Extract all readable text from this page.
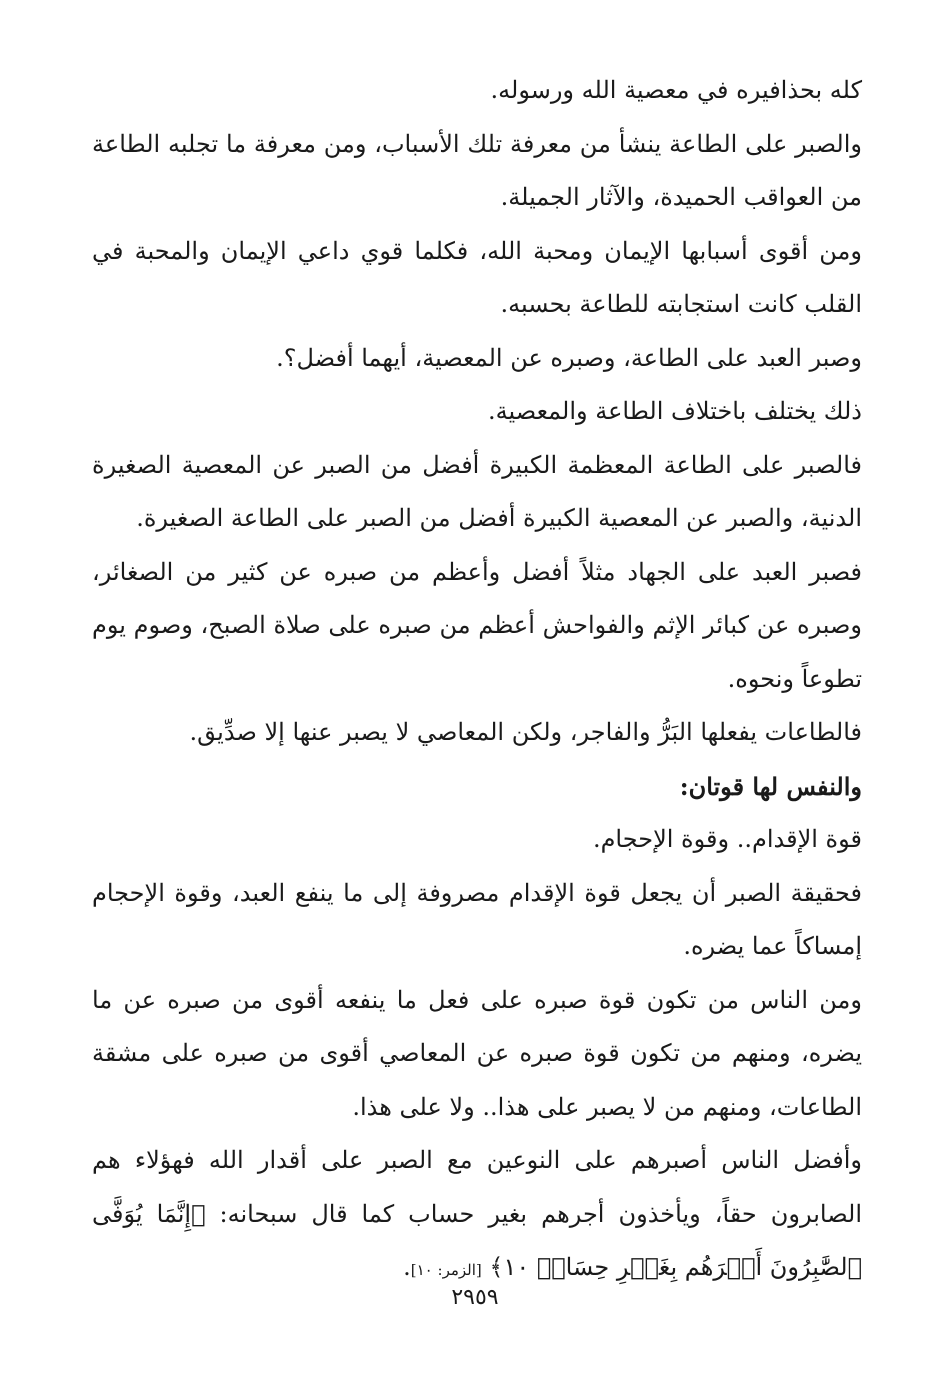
كله بحذافيره في معصية الله ورسوله.

والصبر على الطاعة ينشأ من معرفة تلك الأسباب، ومن معرفة ما تجلبه الطاعة من العواقب الحميدة، والآثار الجميلة.

ومن أقوى أسبابها الإيمان ومحبة الله، فكلما قوي داعي الإيمان والمحبة في القلب كانت استجابته للطاعة بحسبه.

وصبر العبد على الطاعة، وصبره عن المعصية، أيهما أفضل؟.

ذلك يختلف باختلاف الطاعة والمعصية.

فالصبر على الطاعة المعظمة الكبيرة أفضل من الصبر عن المعصية الصغيرة الدنية، والصبر عن المعصية الكبيرة أفضل من الصبر على الطاعة الصغيرة.

فصبر العبد على الجهاد مثلاً أفضل وأعظم من صبره عن كثير من الصغائر، وصبره عن كبائر الإثم والفواحش أعظم من صبره على صلاة الصبح، وصوم يوم تطوعاً ونحوه.

فالطاعات يفعلها البَرُّ والفاجر، ولكن المعاصي لا يصبر عنها إلا صدِّيق.

والنفس لها قوتان:

قوة الإقدام.. وقوة الإحجام.

فحقيقة الصبر أن يجعل قوة الإقدام مصروفة إلى ما ينفع العبد، وقوة الإحجام إمساكاً عما يضره.

ومن الناس من تكون قوة صبره على فعل ما ينفعه أقوى من صبره عن ما يضره، ومنهم من تكون قوة صبره عن المعاصي أقوى من صبره على مشقة الطاعات، ومنهم من لا يصبر على هذا.. ولا على هذا.

وأفضل الناس أصبرهم على النوعين مع الصبر على أقدار الله فهؤلاء هم الصابرون حقاً، ويأخذون أجرهم بغير حساب كما قال سبحانه: ﴿إِنَّمَا يُوَفَّى ٱلصَّٰبِرُونَ أَجۡرَهُم بِغَيۡرِ حِسَابٖ ١٠﴾ [الزمر: ١٠].

٢٩٥٩
